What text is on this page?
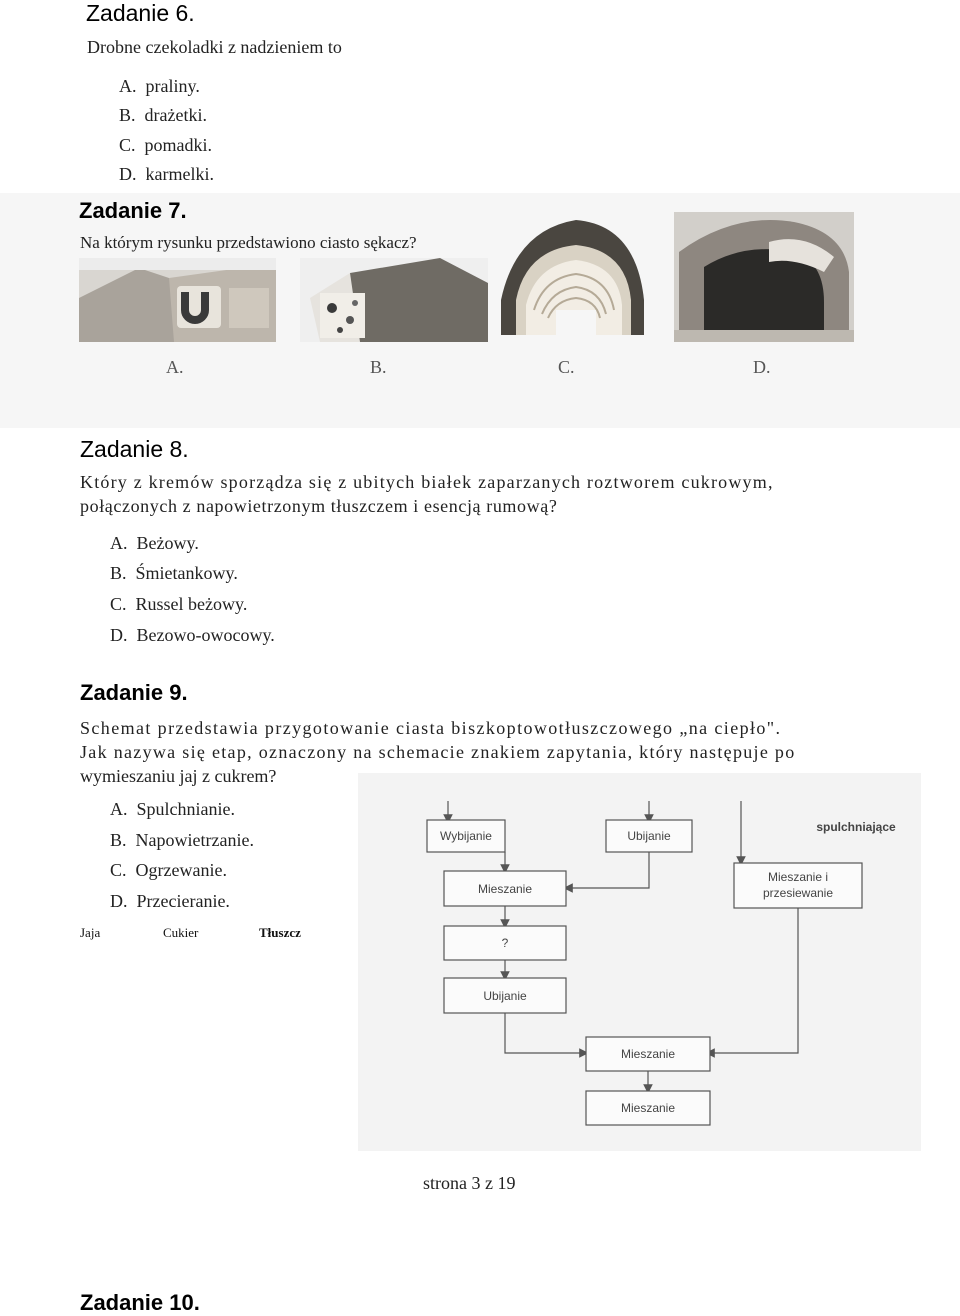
Zadanie 6.
Drobne czekoladki z nadzieniem to
A. praliny.
B. drażetki.
C. pomadki.
D. karmelki.
Zadanie 7.
Na którym rysunku przedstawiono ciasto sękacz?
A.	B.	C.	D.
Zadanie 8.
Który z kremów sporządza się z ubitych białek zaparzanych roztworem cukrowym,
połączonych z napowietrzonym tłuszczem i esencją rumową?
A. Beżowy.
B. Śmietankowy.
C. Russel beżowy.
D. Bezowo-owocowy.
Zadanie 9.
Schemat przedstawia przygotowanie ciasta biszkoptowotłuszczowego „na ciepło".
Jak nazywa się etap, oznaczony na schemacie znakiem zapytania, który następuje po
wymieszaniu jaj z cukrem?
A. Spulchnianie.
B. Napowietrzanie.
C. Ogrzewanie.
D. Przecieranie.
Jaja	Cukier	Tłuszcz
Wybijanie	Ubijanie
spulchniające
Mieszanie
Mieszanie i
przesiewanie
?
Ubijanie
Mieszanie
Mieszanie
strona 3 z 19
Zadanie 10.
